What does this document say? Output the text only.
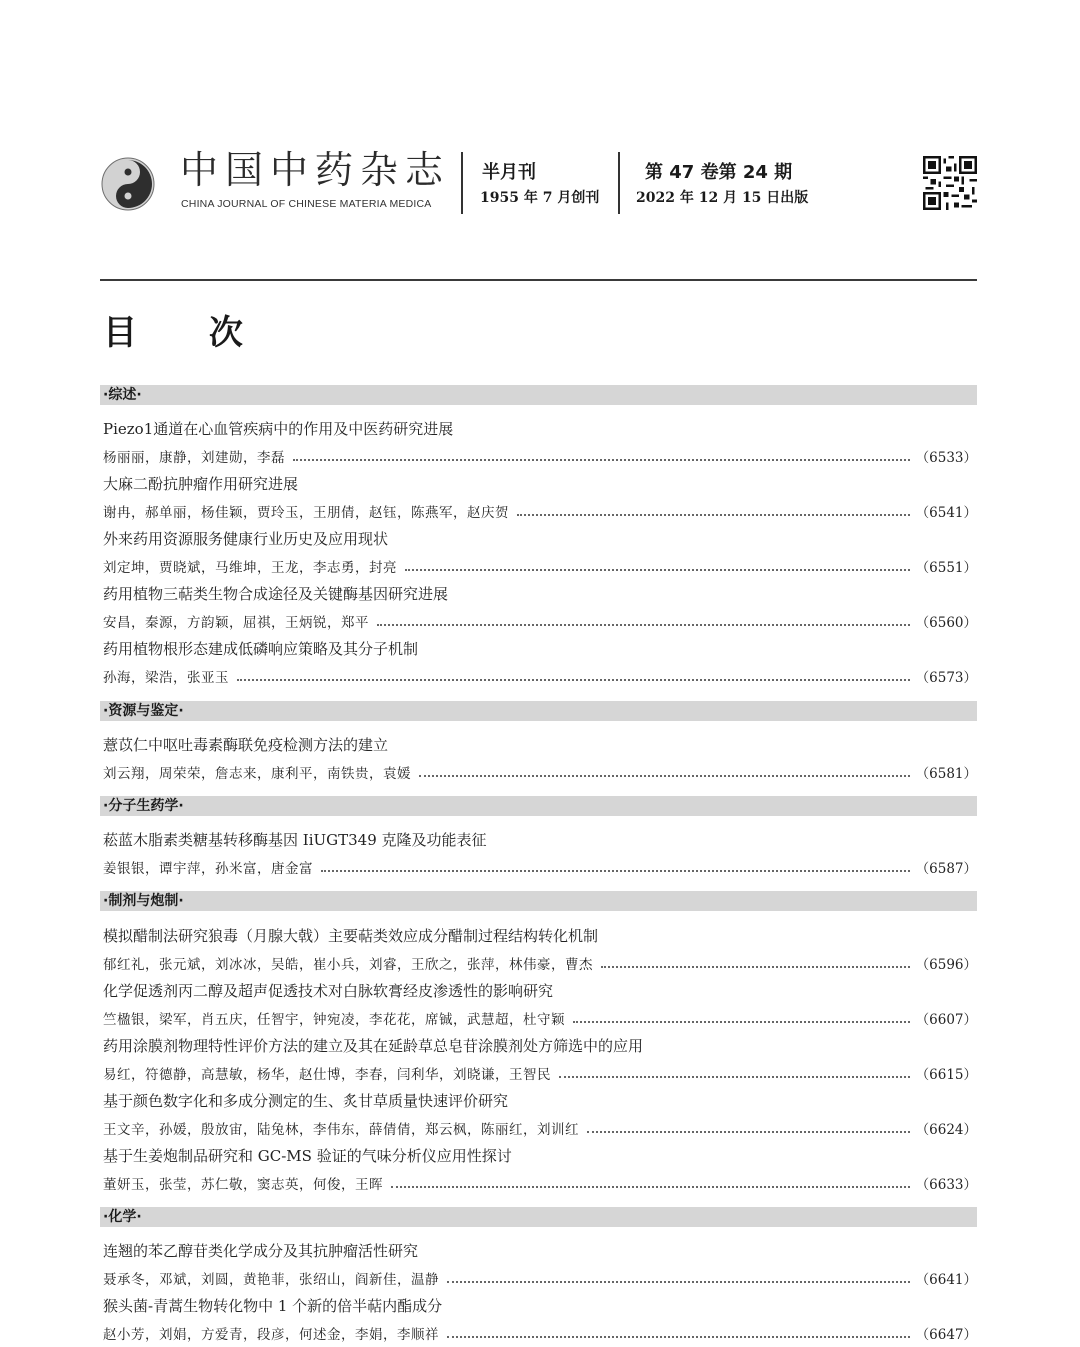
中国中药杂志
CHINA JOURNAL OF CHINESE MATERIA MEDICA
半月刊
1955 年 7 月创刊
第 47 卷第 24 期
2022 年 12 月 15 日出版
目 次
·综述·
Piezo1通道在心血管疾病中的作用及中医药研究进展
杨丽丽，康静，刘建勋，李磊	（6533）
大麻二酚抗肿瘤作用研究进展
谢冉，郝单丽，杨佳颖，贾玲玉，王朋倩，赵钰，陈燕军，赵庆贺	（6541）
外来药用资源服务健康行业历史及应用现状
刘定坤，贾晓斌，马维坤，王龙，李志勇，封亮	（6551）
药用植物三萜类生物合成途径及关键酶基因研究进展
安昌，秦源，方韵颖，屈祺，王炳锐，郑平	（6560）
药用植物根形态建成低磷响应策略及其分子机制
孙海，梁浩，张亚玉	（6573）
·资源与鉴定·
薏苡仁中呕吐毒素酶联免疫检测方法的建立
刘云翔，周荣荣，詹志来，康利平，南铁贵，袁媛	（6581）
·分子生药学·
菘蓝木脂素类糖基转移酶基因 IiUGT349 克隆及功能表征
姜银银，谭宇萍，孙米富，唐金富	（6587）
·制剂与炮制·
模拟醋制法研究狼毒（月腺大戟）主要萜类效应成分醋制过程结构转化机制
郁红礼，张元斌，刘冰冰，吴皓，崔小兵，刘睿，王欣之，张萍，林伟豪，曹杰	（6596）
化学促透剂丙二醇及超声促透技术对白脉软膏经皮渗透性的影响研究
竺楹银，梁军，肖五庆，任智宇，钟宛凌，李花花，席铖，武慧超，杜守颖	（6607）
药用涂膜剂物理特性评价方法的建立及其在延龄草总皂苷涂膜剂处方筛选中的应用
易红，符德静，高慧敏，杨华，赵仕博，李春，闫利华，刘晓谦，王智民	（6615）
基于颜色数字化和多成分测定的生、炙甘草质量快速评价研究
王文辛，孙媛，殷放宙，陆兔林，李伟东，薛倩倩，郑云枫，陈丽红，刘训红	（6624）
基于生姜炮制品研究和 GC-MS 验证的气味分析仪应用性探讨
董妍玉，张莹，苏仁敬，窦志英，何俊，王晖	（6633）
·化学·
连翘的苯乙醇苷类化学成分及其抗肿瘤活性研究
聂承冬，邓斌，刘圆，黄艳菲，张绍山，阎新佳，温静	（6641）
猴头菌-青蒿生物转化物中 1 个新的倍半萜内酯成分
赵小芳，刘娟，方爱青，段彦，何述金，李娟，李顺祥	（6647）
